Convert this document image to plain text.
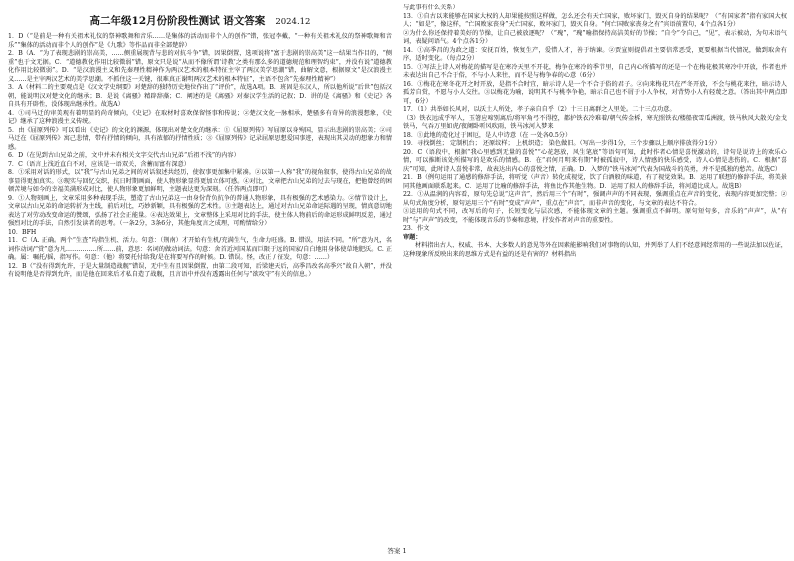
高二年级12月份阶段性测试 语文答案 2024.12

1．D（“是前是一种有关祖术礼仪的祭神歌舞和音乐……是集体的活动而非个人的创作”错，张冠李戴，“一种有关祖术礼仪的祭神歌舞和音乐”“集体的活动而非个人的创作”是《九歌》等作品而非全部楚辞）

2．B（A．“为了表现悲剧的崇高美，……侧重展现背与悲的对抗斗争”错，因果倒置，选项说将“富于悲剧的崇高美”这一结果当作目的，“侧重”也于文无据。C．“道德教化作用比较微弱”错，原文只是说“从而不像所谓‘诗教’之类有那么多的道德规范和理智约束”，并没有说“道德教化作用比较微弱”。D．“是汉浪漫主义和先秦理性精神作为两汉艺术的根本特征主宰了两汉美学思潮”错，曲解文意，根据原文“是汉浪漫主义……是主宰两汉艺术的美学思潮。不抓住这一关键，很难真正谢明两汉艺术的根本特征”，主语不包含“先秦理性精神”）

3．A（材料二的主要观点是《汉文学史纲要》对楚辞的独特历史地位作出了“评价”，故选A项。B．班固是东汉人，所以他所说“后世”包括汉朝，能说明汉对楚文化的继承；B．是说《离骚》精辟辞藻；C．阐述的是《离骚》对秦汉学生活的记叙；D．讲的是《离骚》和《史记》各自具有开辟性，没体现出继承性。故选A）

4．①司马迁的审美观有着明显的尚奇倾向，《史记》在取材时喜欢保留怪事和传说；②楚汉文化一脉相承，楚骚多有奇异的浪漫想象，《史记》继承了这种浪漫主义传统。

5．由《屈原列传》可以看出《史记》的文化的渊源，体现出对楚文化的继承：①《屈原列传》写屈原以身殉国，显示出悲剧的崇高美；②司马迁在《屈原列传》寓己悲情，带有抒情的倾向，具有浓郁的抒情性质；③《屈原列传》记录屈原思想爱国事迹，表现出其灵动的想象力和情感。

6．D（在见到古山兄弟之前，文中并未有相关文字交代古山兄弟“后祖不浅”的内容）

7．C（语言上浅近直白不对，应该是一语双关，含蓄而富有深意）

8．①采用对话的形式，以“我”与古山兄弟之间的对话叙述共经历，使叙事更加集中紧凑。②以第一人称“我”的视角叙事，使得古山兄弟的故事显得更加真实。③现实与回忆交织，抗日时期画面，使人物形象显得更加立体可感。④对比，文章把古山兄弟的过去与现在，把他曾经的困顿苦境与如今的幸福美满形成对比，使人物形象更加鲜明，主题表达更为深刻。（任答两点即可）

9．①人物刻画上，文章采用多种表现手法，塑造了古山兄弟这一由身份背负抗争的普通人物形象，具有极强的艺术感染力。②情节设计上，文章以古山兄弟的命运转折为主线，前后对比，巧妙新颖，具有极强的艺术性。③主题表达上，通过对古山兄弟命运际遇的呈现，情真意切地表达了对劳动改变命运的赞颂，弘扬了社会正能量。④表达效果上，文章整体上采用对比的手法，使主体人物前后的命运形成鲜明反差，通过强烈对比的手法，自然引发读者的思考。（一条2分，3条6分，其他角度言之成理，可酌情给分）

10．BFH

11．C（A. 正确。两个“生查”均指生机、活力。句意：（荆南）才开始有生机/充满生气，生命力旺盛。B. 错误，用法不同。“所”意为凡，名词作动词/“赏”意为凡……………所……前，意思：名词的做动词法。句意：舍首近河国某而巨限于远的国家/自白地用身体使草地肥沃。C. 正确。属：嘱托/摇，指写作。句意：（他）将要托付给我/是在将要写作的时候。D. 错误。怪，改正 / 征发，句意：……）

12．B（“没有得到允许，于是大量制造战舰”错误，无中生有且因果倒置，由第二段可知，后梁建天后，高季昌改名高季兴“故自入朝”，并没有说明他是否得到允许，而是他在回来后才私自造了战舰，且言语中并没有透露出任何与“欲攻守”有关的信息。）

与此事有什么关系）

13．①自古以来能够在国家大权的人却果能按照这样做，怎么还会有天亡国家，败坏家门，毁灭自身的结果呢？（“有国家者”指有家国大权人；“如是”，像这样，“亡国败家丧身”天亡国家，败坏家门，毁灭自身。“何亡国败家丧身之有”宾语前置句，4个点各1分）

②为什么你还保持着美好的节操，让自己被放逐呢？（“瑰”，“瑰”喻指保持高洁美好的节操；“自令”令自己，“见”，表示被动，为句末语气词，表疑问语气。4个点各1分）

14．①高季昌的为政之道：安抚百姓，恢复生产，爱惜人才，善于纳谏。②贾宣则提倡君主要信常恶受，更要根据当代情况，做到取舍有序，适时变化。（每点2分）

15．①写法上诗人对梅花的描写是在寒冷天里不开花，梅争在寒冷的季节里，自己内心所描写的还是一个在梅花极其寒冷中开放，作者也并未表达出自己不合于俗，不与小人来往，而不是与梅争春的心意（6分）

16．①梅花在寒冬花开之时开放，是指不合时宜，暗示诗人是一个不合于俗的君子。②向来梅花只在严冬开放，不会与桃花来往，暗示诗人孤芳自赏，不愿与小人交往。③以梅花为喻，说明其不与桃李争艳，暗示自己也不屑于小人争权，对背势小人有轻蔑之意。（答出其中两点即可，6分）

17．（1）共举如长风对，以沃土人所处，孝子亲自自乎（2）十三日离群之人里处。二十三点功意。

（3）铁衣远成乎军人，玉箸应啼别离后/将军角弓不得控，都护铁衣冷难着/朝气传金柝，寒光照铁衣/楼船夜雪瓜洲渡，铁马秋风大散关/金戈铁马，气吞万里如虎/夜阑卧听风吹雨，铁马冰河入梦来

18．①此地的造化过于困厄，是人中诗意（在 一处各0.5分）

19．寻找倒丝； 定制机台； 还原纹样； 上机织造； 染色做旧。（写出一步得1分，三个步骤以上顺序排放得分1分）

20．C（语段中，根据“我心里感到无量的喜悦”“心花怒放，风生笔底”等语句可知，此时作者心情是喜悦激动的，诗句是说诗上的欢乐心情，可以推断该处所描写的是欢乐的情感。B．在“君何月明来有期”时被孤寂中，诗人情感的快乐感受，诗人心情是悲伤的。C．根据“喜庆”可知，此时诗人喜悦非常，故表达出内心的喜悦之情，正确。D．入梦的“铁马冰河”代表为国战斗的英勇，并不是孤独的愁苦。故选C）

21．B（例句运用了通感的修辞手法，将听觉（声音）转化成视觉，饮了白酒般的味道，有了视觉效果。B．运用了联想的修辞手法，将美景同其他画面联系起来。C．运用了比喻的修辞手法，将鱼比作其他生物。D．运用了拟人的修辞手法，将河道比成人。故选B）

22．①从温润的内容看，原句先总说“这声音”，然后用三个“有时”，强调声声的不同表现，强调重点在声音的变化，表现内容更加完整；②从句式角度分析，原句运用三个“有时”变成“声声”，重点在“声音”，而非声音的变化，与文章的表达不符合。

③运用的句式不同，改写后的句子，长短变化与层次感，不能体现文章的主题。强调重点不鲜明。原句短句多，音乐的“声声”，从“有时”与“声声”的改变，不能体现音乐的节奏和意境，抒发作者对声音的重要性。

23．作文

审题：

材料指出古人、权威、书本、大多数人的意见等外在因素能影响我们对事物的认知，并列举了人们不经意间经常用的一些说法加以佐证，这种现象所反映出来的思维方式是有益的还是有害的？材料指出

答案 1
